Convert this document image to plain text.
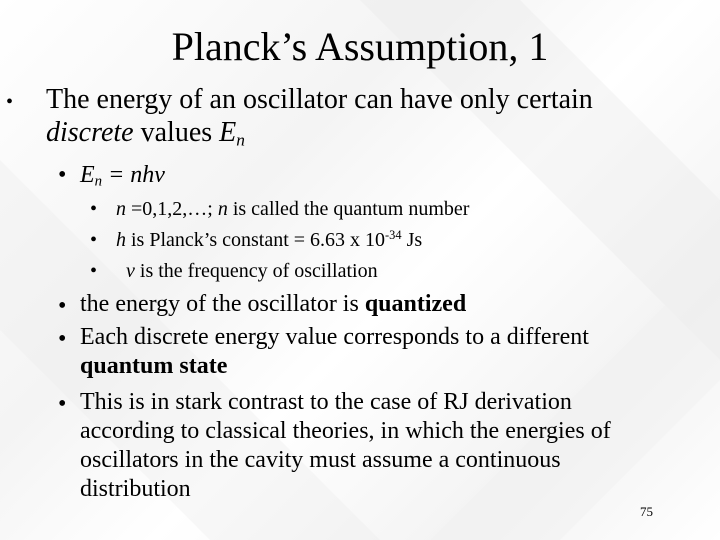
Planck’s Assumption, 1
• The energy of an oscillator can have only certain
discrete values $E_n$
• $E_n = nh\nu$
• n =0,1,2,…; n is called the quantum number
• h is Planck’s constant = 6.63 x $10^{-34}$ Js
• ν is the frequency of oscillation
• the energy of the oscillator is quantized
• Each discrete energy value corresponds to a different
quantum state
• This is in stark contrast to the case of RJ derivation
according to classical theories, in which the energies of
oscillators in the cavity must assume a continuous
distribution
75
